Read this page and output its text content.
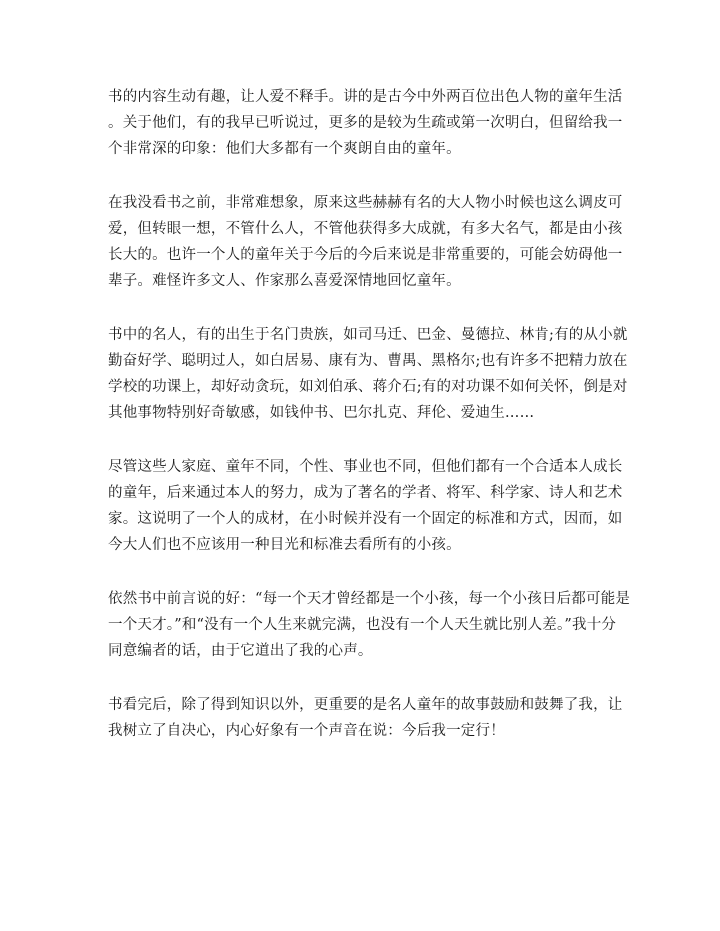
书的内容生动有趣，让人爱不释手。讲的是古今中外两百位出色人物的童年生活
。关于他们，有的我早已听说过，更多的是较为生疏或第一次明白，但留给我一
个非常深的印象：他们大多都有一个爽朗自由的童年。

在我没看书之前，非常难想象，原来这些赫赫有名的大人物小时候也这么调皮可
爱，但转眼一想，不管什么人，不管他获得多大成就，有多大名气，都是由小孩
长大的。也许一个人的童年关于今后的今后来说是非常重要的，可能会妨碍他一
辈子。难怪许多文人、作家那么喜爱深情地回忆童年。

书中的名人，有的出生于名门贵族，如司马迁、巴金、曼德拉、林肯;有的从小就
勤奋好学、聪明过人，如白居易、康有为、曹禺、黑格尔;也有许多不把精力放在
学校的功课上，却好动贪玩，如刘伯承、蒋介石;有的对功课不如何关怀，倒是对
其他事物特别好奇敏感，如钱仲书、巴尔扎克、拜伦、爱迪生……

尽管这些人家庭、童年不同，个性、事业也不同，但他们都有一个合适本人成长
的童年，后来通过本人的努力，成为了著名的学者、将军、科学家、诗人和艺术
家。这说明了一个人的成材，在小时候并没有一个固定的标准和方式，因而，如
今大人们也不应该用一种目光和标准去看所有的小孩。

依然书中前言说的好：“每一个天才曾经都是一个小孩，每一个小孩日后都可能是
一个天才。”和“没有一个人生来就完满，也没有一个人天生就比别人差。”我十分
同意编者的话，由于它道出了我的心声。

书看完后，除了得到知识以外，更重要的是名人童年的故事鼓励和鼓舞了我，让
我树立了自决心，内心好象有一个声音在说：今后我一定行！
